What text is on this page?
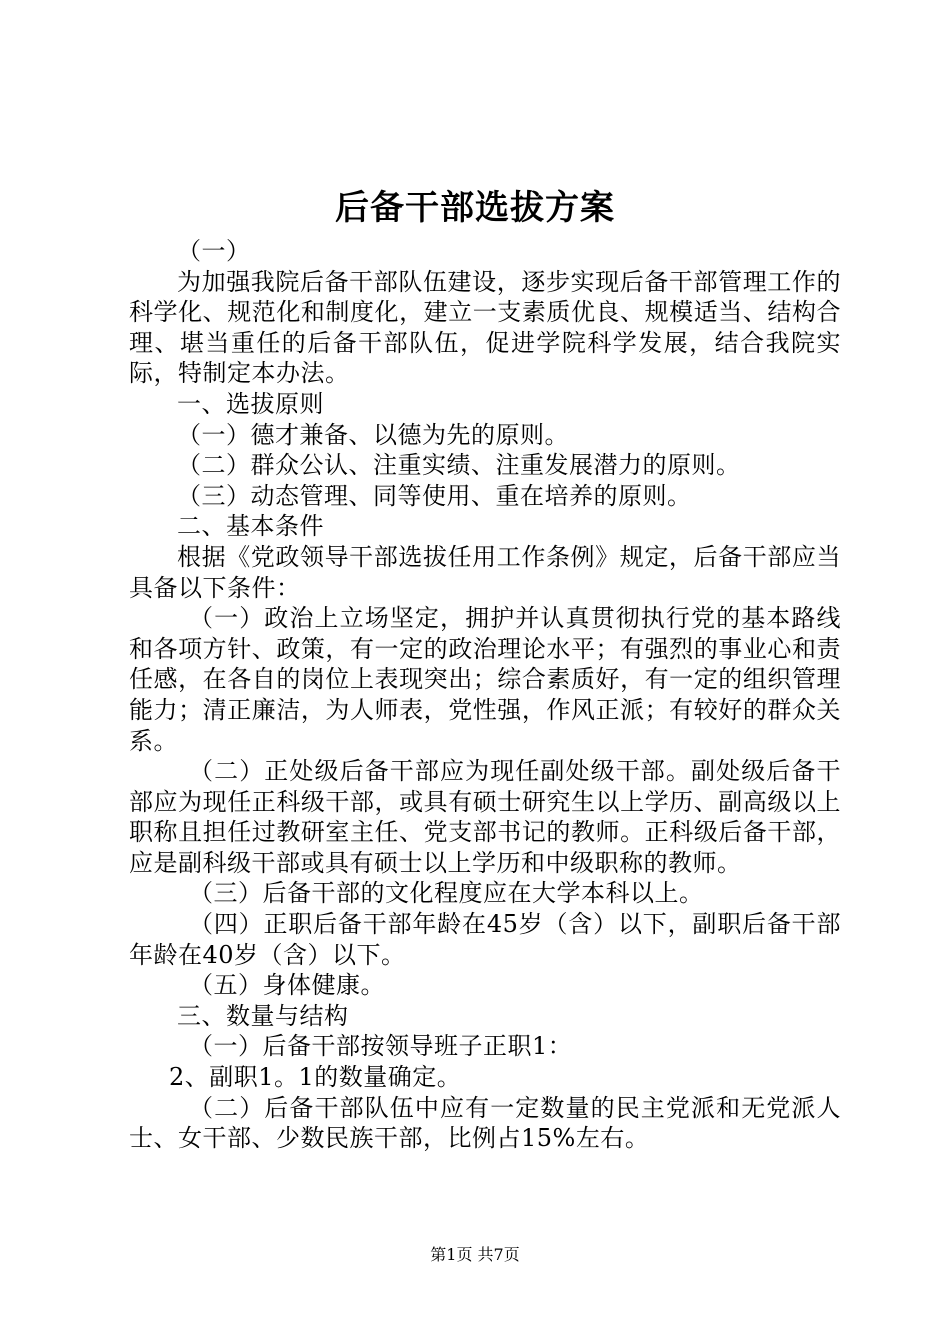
后备干部选拔方案

（一）

为加强我院后备干部队伍建设，逐步实现后备干部管理工作的科学化、规范化和制度化，建立一支素质优良、规模适当、结构合理、堪当重任的后备干部队伍，促进学院科学发展，结合我院实际，特制定本办法。

一、选拔原则

（一）德才兼备、以德为先的原则。

（二）群众公认、注重实绩、注重发展潜力的原则。

（三）动态管理、同等使用、重在培养的原则。

二、基本条件

根据《党政领导干部选拔任用工作条例》规定，后备干部应当具备以下条件：

（一）政治上立场坚定，拥护并认真贯彻执行党的基本路线和各项方针、政策，有一定的政治理论水平；有强烈的事业心和责任感，在各自的岗位上表现突出；综合素质好，有一定的组织管理能力；清正廉洁，为人师表，党性强，作风正派；有较好的群众关系。

（二）正处级后备干部应为现任副处级干部。副处级后备干部应为现任正科级干部，或具有硕士研究生以上学历、副高级以上职称且担任过教研室主任、党支部书记的教师。正科级后备干部，应是副科级干部或具有硕士以上学历和中级职称的教师。

（三）后备干部的文化程度应在大学本科以上。

（四）正职后备干部年龄在45岁（含）以下，副职后备干部年龄在40岁（含）以下。

（五）身体健康。

三、数量与结构

（一）后备干部按领导班子正职1：

2、副职1。1的数量确定。

（二）后备干部队伍中应有一定数量的民主党派和无党派人士、女干部、少数民族干部，比例占15%左右。

第1页 共7页
